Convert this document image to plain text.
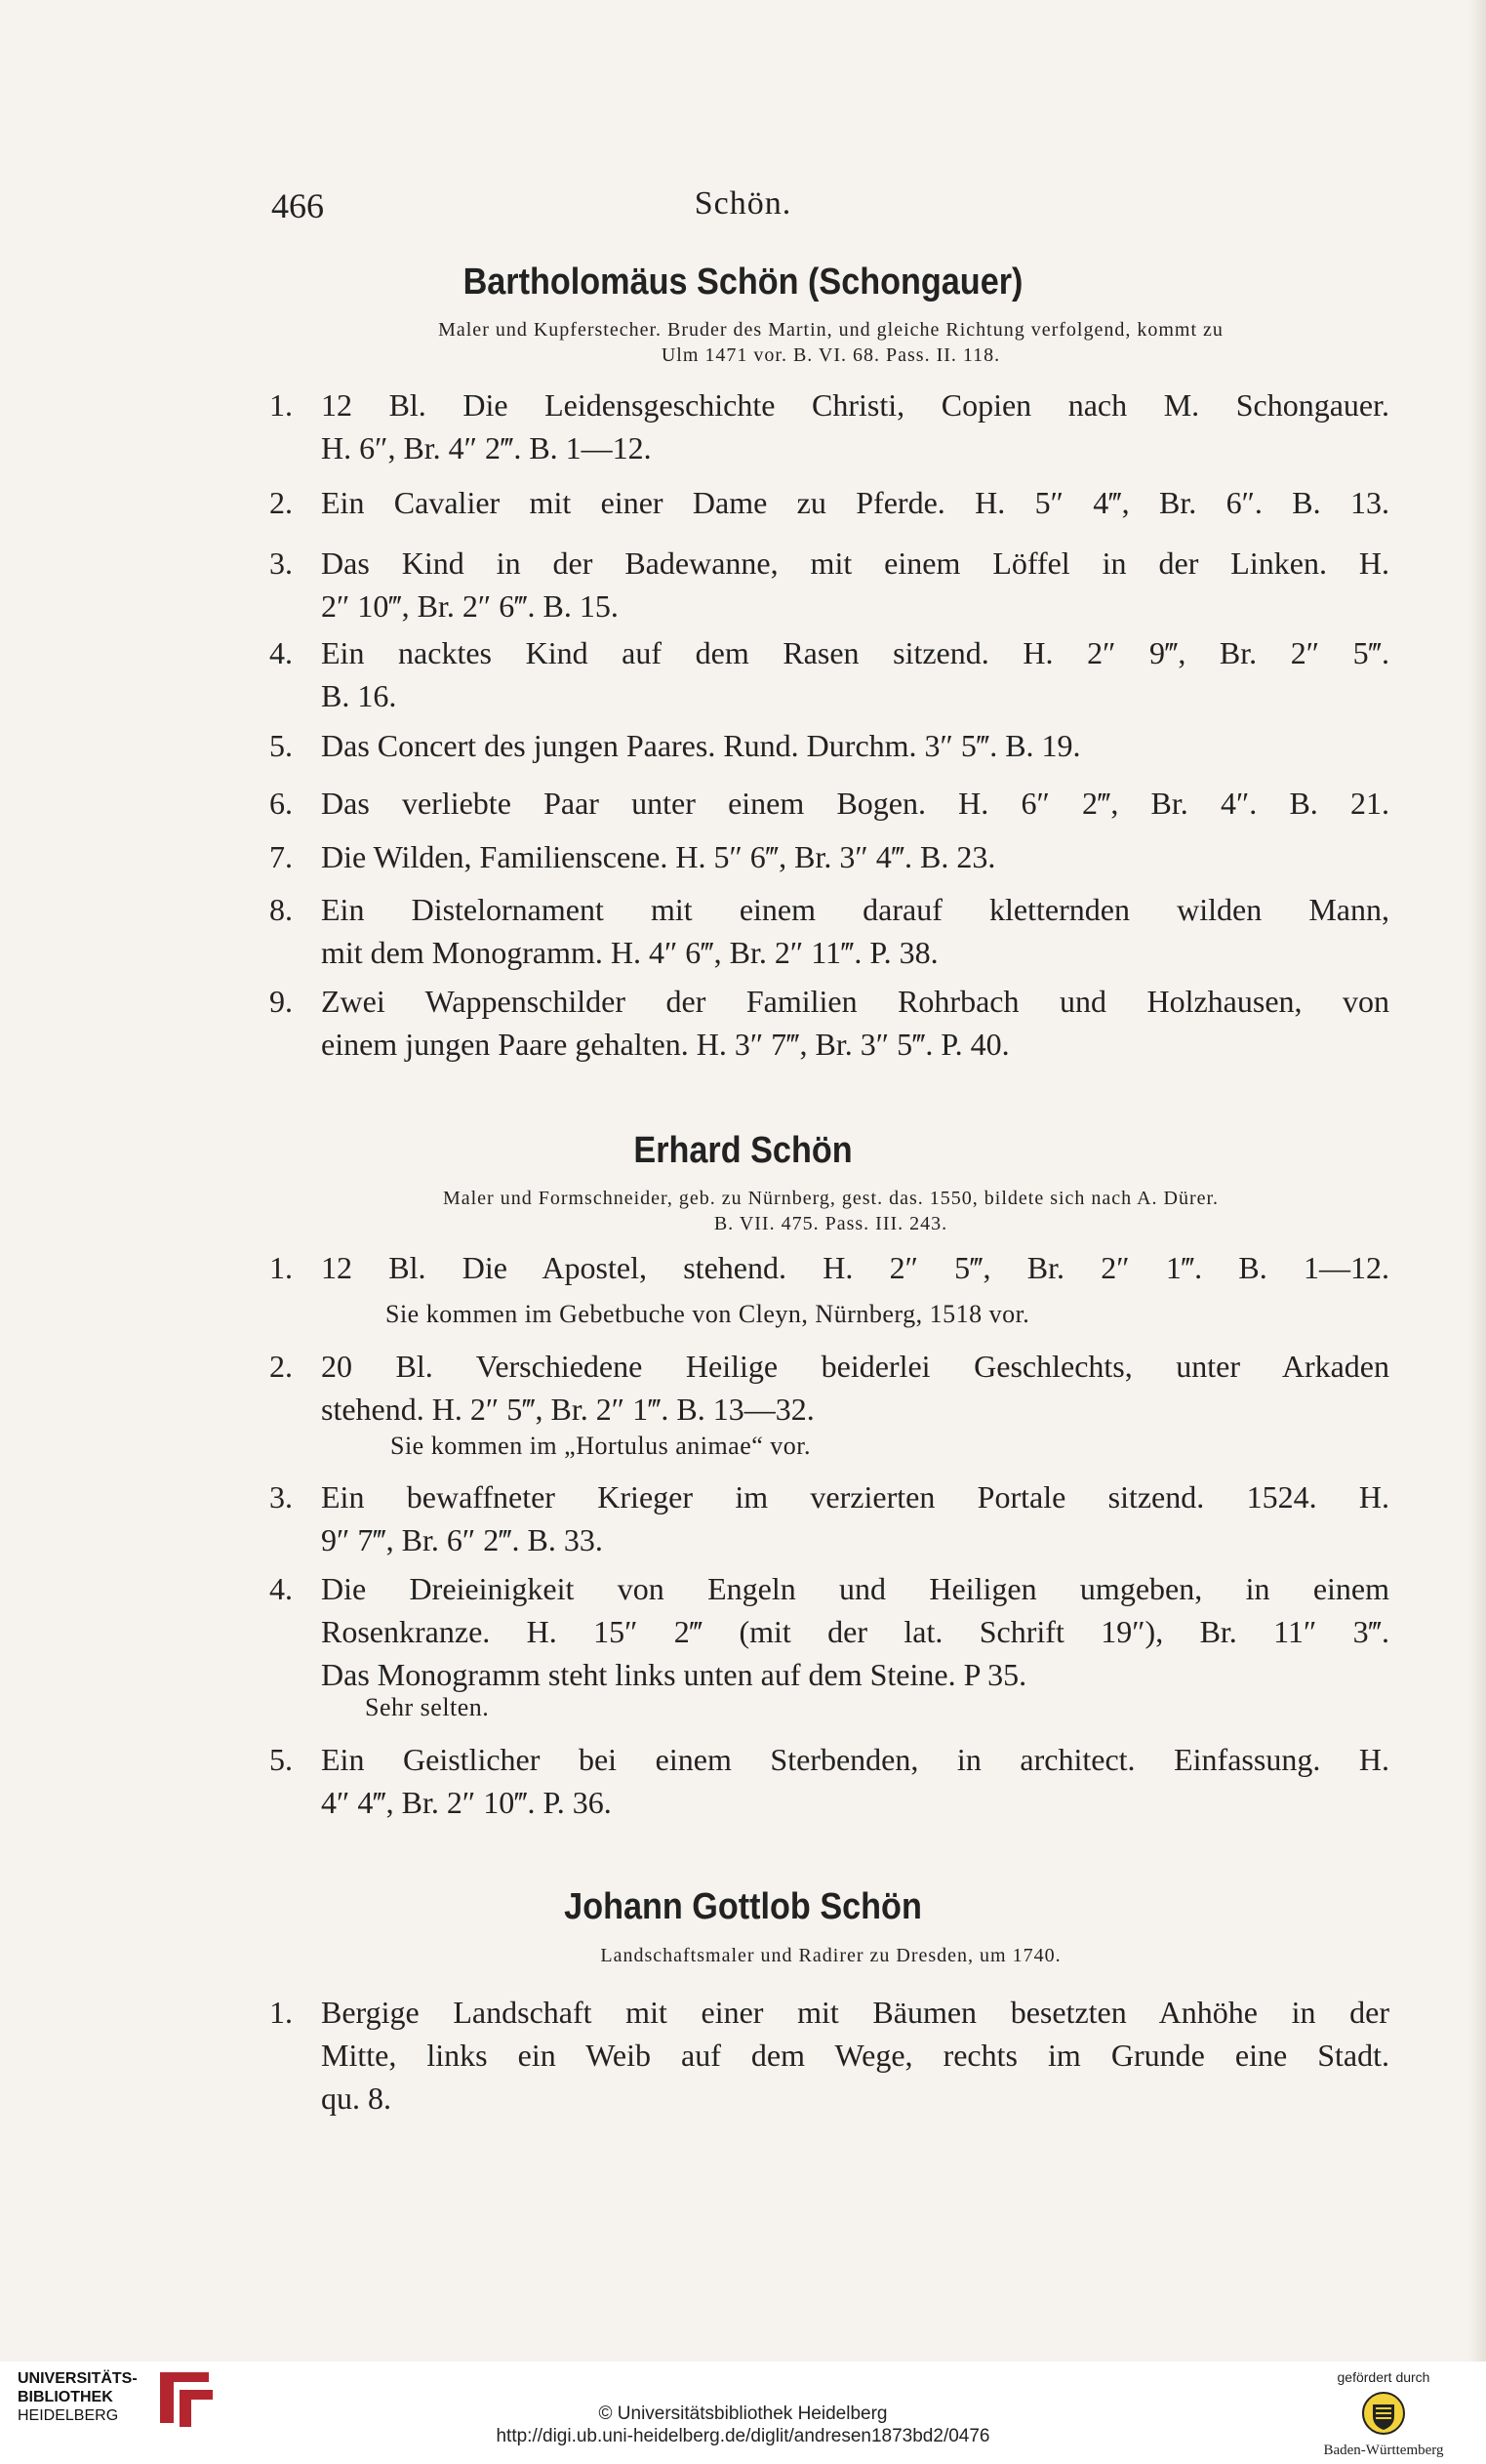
466	Schön.
Bartholomäus Schön (Schongauer)
Maler und Kupferstecher. Bruder des Martin, und gleiche Richtung verfolgend, kommt zu
Ulm 1471 vor. B. VI. 68. Pass. II. 118.
1. 12 Bl. Die Leidensgeschichte Christi, Copien nach M. Schongauer.
H. 6″, Br. 4″ 2‴. B. 1—12.
2. Ein Cavalier mit einer Dame zu Pferde. H. 5″ 4‴, Br. 6″. B. 13.
3. Das Kind in der Badewanne, mit einem Löffel in der Linken. H.
2″ 10‴, Br. 2″ 6‴. B. 15.
4. Ein nacktes Kind auf dem Rasen sitzend. H. 2″ 9‴, Br. 2″ 5‴.
B. 16.
5. Das Concert des jungen Paares. Rund. Durchm. 3″ 5‴. B. 19.
6. Das verliebte Paar unter einem Bogen. H. 6″ 2‴, Br. 4″. B. 21.
7. Die Wilden, Familienscene. H. 5″ 6‴, Br. 3″ 4‴. B. 23.
8. Ein Distelornament mit einem darauf kletternden wilden Mann,
mit dem Monogramm. H. 4″ 6‴, Br. 2″ 11‴. P. 38.
9. Zwei Wappenschilder der Familien Rohrbach und Holzhausen, von
einem jungen Paare gehalten. H. 3″ 7‴, Br. 3″ 5‴. P. 40.
Erhard Schön
Maler und Formschneider, geb. zu Nürnberg, gest. das. 1550, bildete sich nach A. Dürer.
B. VII. 475. Pass. III. 243.
1. 12 Bl. Die Apostel, stehend. H. 2″ 5‴, Br. 2″ 1‴. B. 1—12.
Sie kommen im Gebetbuche von Cleyn, Nürnberg, 1518 vor.
2. 20 Bl. Verschiedene Heilige beiderlei Geschlechts, unter Arkaden
stehend. H. 2″ 5‴, Br. 2″ 1‴. B. 13—32.
Sie kommen im „Hortulus animae“ vor.
3. Ein bewaffneter Krieger im verzierten Portale sitzend. 1524. H.
9″ 7‴, Br. 6″ 2‴. B. 33.
4. Die Dreieinigkeit von Engeln und Heiligen umgeben, in einem
Rosenkranze. H. 15″ 2‴ (mit der lat. Schrift 19″), Br. 11″ 3‴.
Das Monogramm steht links unten auf dem Steine. P 35.
Sehr selten.
5. Ein Geistlicher bei einem Sterbenden, in architect. Einfassung. H.
4″ 4‴, Br. 2″ 10‴. P. 36.
Johann Gottlob Schön
Landschaftsmaler und Radirer zu Dresden, um 1740.
1. Bergige Landschaft mit einer mit Bäumen besetzten Anhöhe in der
Mitte, links ein Weib auf dem Wege, rechts im Grunde eine Stadt.
qu. 8.
UNIVERSITÄTS-
BIBLIOTHEK
HEIDELBERG	© Universitätsbibliothek Heidelberg
http://digi.ub.uni-heidelberg.de/diglit/andresen1873bd2/0476
gefördert durch
Baden-Württemberg
